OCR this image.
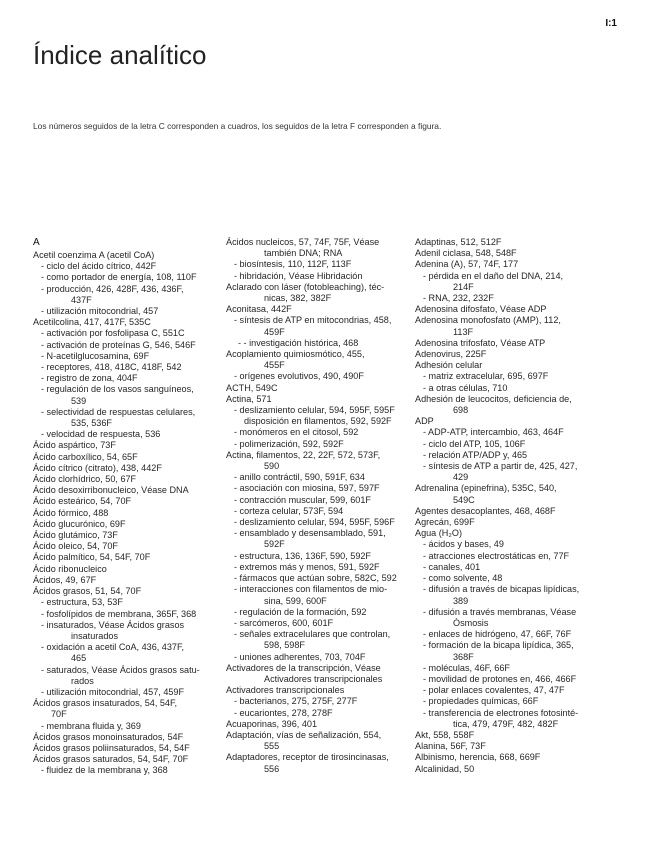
I:1
Índice analítico
Los números seguidos de la letra C corresponden a cuadros, los seguidos de la letra F corresponden a figura.
A
Acetil coenzima A (acetil CoA)
- ciclo del ácido cítrico, 442F
- como portador de energía, 108, 110F
- producción, 426, 428F, 436, 436F,
437F
- utilización mitocondrial, 457
Acetilcolina, 417, 417F, 535C
- activación por fosfolipasa C, 551C
- activación de proteínas G, 546, 546F
- N-acetilglucosamina, 69F
- receptores, 418, 418C, 418F, 542
- registro de zona, 404F
- regulación de los vasos sanguíneos,
539
- selectividad de respuestas celulares,
535, 536F
- velocidad de respuesta, 536
Ácido aspártico, 73F
Ácido carboxílico, 54, 65F
Ácido cítrico (citrato), 438, 442F
Ácido clorhídrico, 50, 67F
Ácido desoxirribonucleico, Véase DNA
Ácido esteárico, 54, 70F
Ácido fórmico, 488
Ácido glucurónico, 69F
Ácido glutámico, 73F
Ácido oleico, 54, 70F
Ácido palmítico, 54, 54F, 70F
Ácido ribonucleico
Ácidos, 49, 67F
Ácidos grasos, 51, 54, 70F
- estructura, 53, 53F
- fosfolípidos de membrana, 365F, 368
- insaturados, Véase Ácidos grasos
insaturados
- oxidación a acetil CoA, 436, 437F,
465
- saturados, Véase Ácidos grasos satu-
rados
- utilización mitocondrial, 457, 459F
Ácidos grasos insaturados, 54, 54F,
70F
- membrana fluida y, 369
Ácidos grasos monoinsaturados, 54F
Ácidos grasos poliinsaturados, 54, 54F
Ácidos grasos saturados, 54, 54F, 70F
- fluidez de la membrana y, 368
Ácidos nucleicos, 57, 74F, 75F, Véase
también DNA; RNA
- biosíntesis, 110, 112F, 113F
- hibridación, Véase Hibridación
Aclarado con láser (fotobleaching), téc-
nicas, 382, 382F
Aconitasa, 442F
- síntesis de ATP en mitocondrias, 458,
459F
- - investigación histórica, 468
Acoplamiento quimiosmótico, 455,
455F
- orígenes evolutivos, 490, 490F
ACTH, 549C
Actina, 571
- deslizamiento celular, 594, 595F, 595F
disposición en filamentos, 592, 592F
- monómeros en el citosol, 592
- polimerización, 592, 592F
Actina, filamentos, 22, 22F, 572, 573F,
590
- anillo contráctil, 590, 591F, 634
- asociación con miosina, 597, 597F
- contracción muscular, 599, 601F
- corteza celular, 573F, 594
- deslizamiento celular, 594, 595F, 596F
- ensamblado y desensamblado, 591,
592F
- estructura, 136, 136F, 590, 592F
- extremos más y menos, 591, 592F
- fármacos que actúan sobre, 582C, 592
- interacciones con filamentos de mio-
sina, 599, 600F
- regulación de la formación, 592
- sarcómeros, 600, 601F
- señales extracelulares que controlan,
598, 598F
- uniones adherentes, 703, 704F
Activadores de la transcripción, Véase
Activadores transcripcionales
Activadores transcripcionales
- bacterianos, 275, 275F, 277F
- eucariontes, 278, 278F
Acuaporinas, 396, 401
Adaptación, vías de señalización, 554,
555
Adaptadores, receptor de tirosincinasas,
556
Adaptinas, 512, 512F
Adenil ciclasa, 548, 548F
Adenina (A), 57, 74F, 177
- pérdida en el daño del DNA, 214,
214F
- RNA, 232, 232F
Adenosina difosfato, Véase ADP
Adenosina monofosfato (AMP), 112,
113F
Adenosina trifosfato, Véase ATP
Adenovirus, 225F
Adhesión celular
- matriz extracelular, 695, 697F
- a otras células, 710
Adhesión de leucocitos, deficiencia de,
698
ADP
- ADP-ATP, intercambio, 463, 464F
- ciclo del ATP, 105, 106F
- relación ATP/ADP y, 465
- síntesis de ATP a partir de, 425, 427,
429
Adrenalina (epinefrina), 535C, 540,
549C
Agentes desacoplantes, 468, 468F
Agrecán, 699F
Agua (H₂O)
- ácidos y bases, 49
- atracciones electrostáticas en, 77F
- canales, 401
- como solvente, 48
- difusión a través de bicapas lipídicas,
389
- difusión a través membranas, Véase
Ósmosis
- enlaces de hidrógeno, 47, 66F, 76F
- formación de la bicapa lipídica, 365,
368F
- moléculas, 46F, 66F
- movilidad de protones en, 466, 466F
- polar enlaces covalentes, 47, 47F
- propiedades químicas, 66F
- transferencia de electrones fotosinté-
tica, 479, 479F, 482, 482F
Akt, 558, 558F
Alanina, 56F, 73F
Albinismo, herencia, 668, 669F
Alcalinidad, 50
